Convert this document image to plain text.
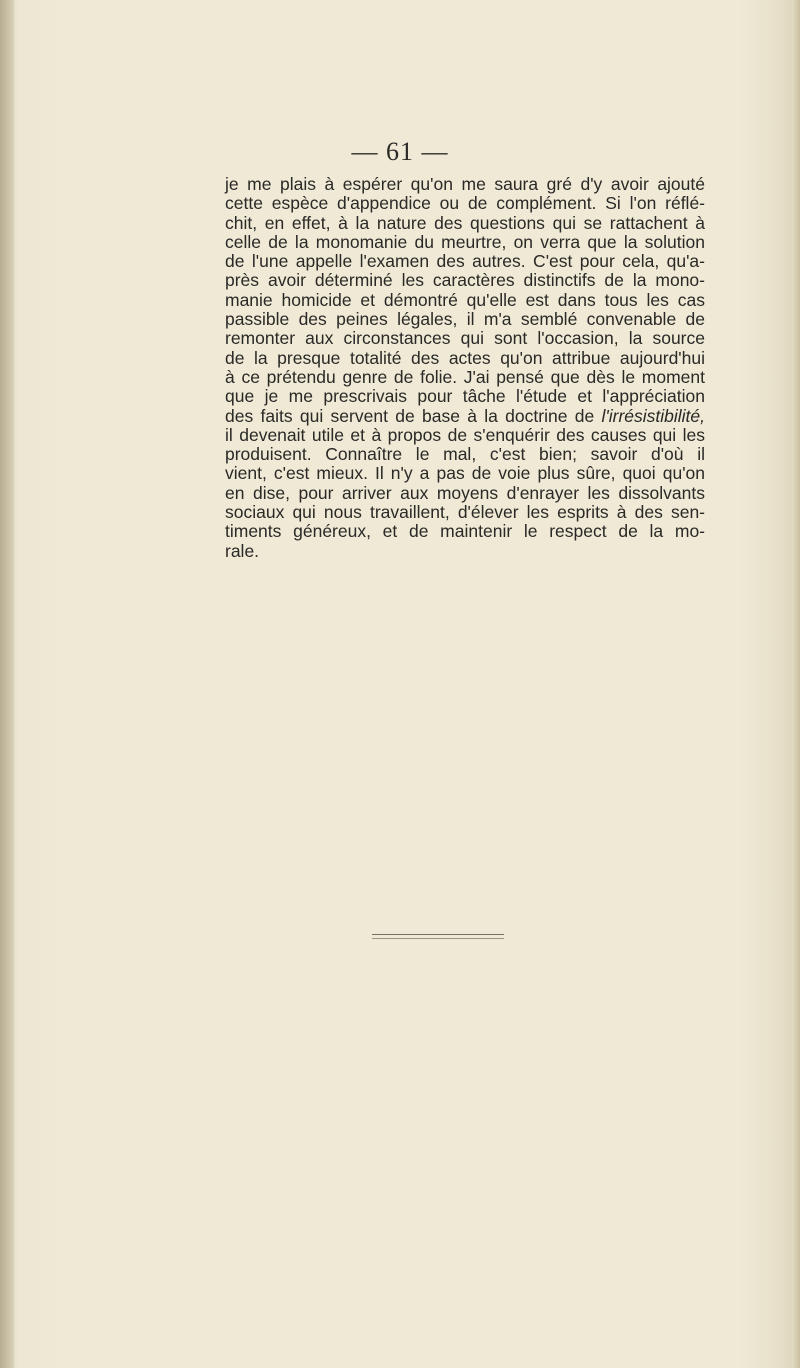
— 61 —
je me plais à espérer qu'on me saura gré d'y avoir ajouté
cette espèce d'appendice ou de complément. Si l'on réflé-
chit, en effet, à la nature des questions qui se rattachent à
celle de la monomanie du meurtre, on verra que la solution
de l'une appelle l'examen des autres. C'est pour cela, qu'a-
près avoir déterminé les caractères distinctifs de la mono-
manie homicide et démontré qu'elle est dans tous les cas
passible des peines légales, il m'a semblé convenable de
remonter aux circonstances qui sont l'occasion, la source
de la presque totalité des actes qu'on attribue aujourd'hui
à ce prétendu genre de folie. J'ai pensé que dès le moment
que je me prescrivais pour tâche l'étude et l'appréciation
des faits qui servent de base à la doctrine de l'irrésistibilité,
il devenait utile et à propos de s'enquérir des causes qui les
produisent. Connaître le mal, c'est bien; savoir d'où il
vient, c'est mieux. Il n'y a pas de voie plus sûre, quoi qu'on
en dise, pour arriver aux moyens d'enrayer les dissolvants
sociaux qui nous travaillent, d'élever les esprits à des sen-
timents généreux, et de maintenir le respect de la mo-
rale.
